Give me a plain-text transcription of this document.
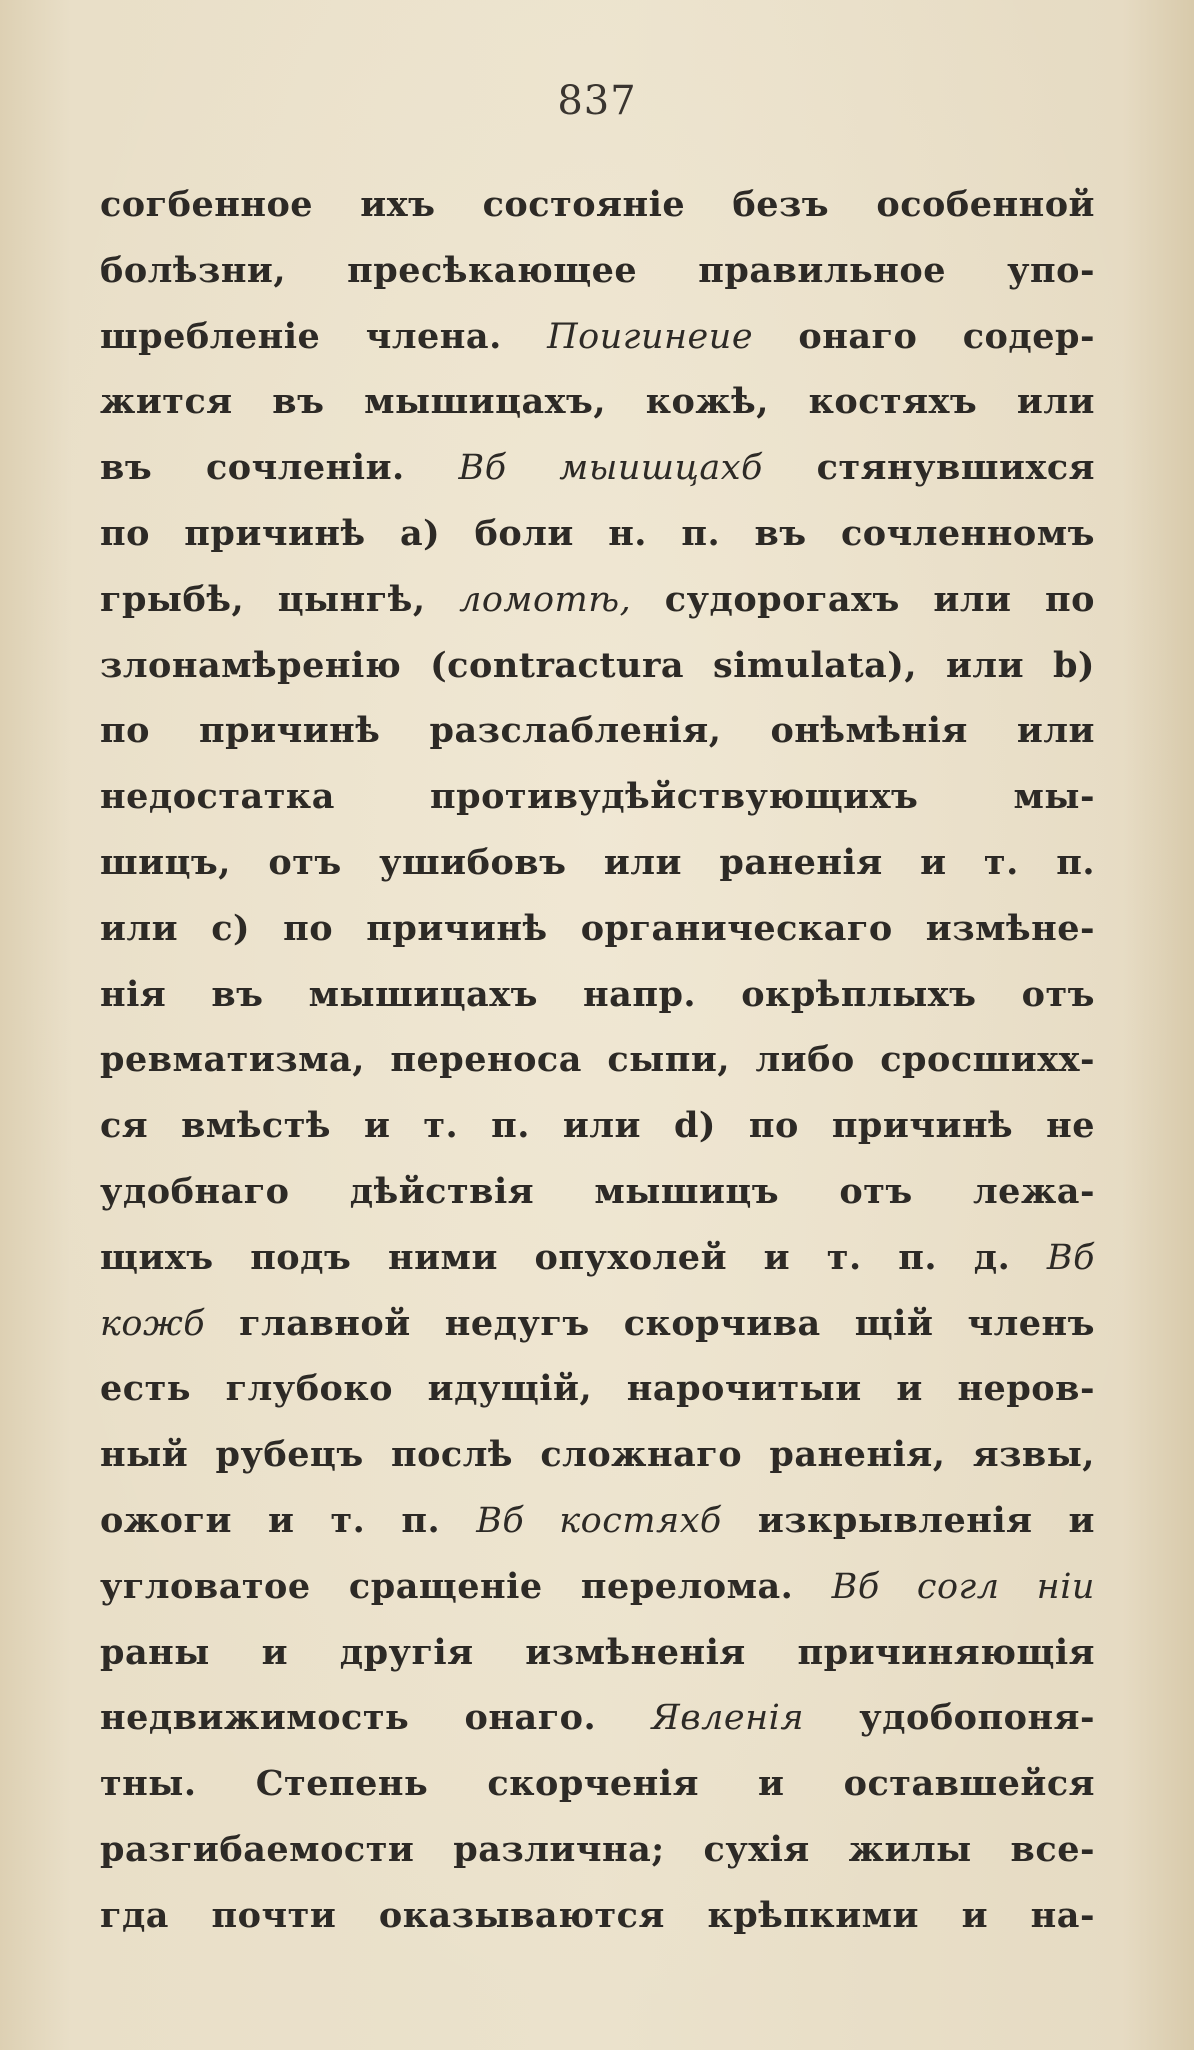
837
согбенное ихъ состояніе безъ особенной
болѣзни, пресѣкающее правильное упо-
шребленіе члена. Пoигинеие онаго содер-
жится въ мышицахъ, кожѣ, костяхъ или
въ сочленіи. Вб мыишцахб стянувшихся
по причинѣ а) боли н. п. въ сочленномъ
грыбѣ, цынгѣ, ломотѣ, судорогахъ или по
злонамѣренію (contractura simulata), или b)
по причинѣ разслабленія, онѣмѣнія или
недостатка противудѣйствующихъ мы-
шицъ, отъ ушибовъ или раненія и т. п.
или с) по причинѣ органическаго измѣне-
нія въ мышицахъ напр. окрѣплыхъ отъ
ревматизма, переноса сыпи, либо сросшихх-
ся вмѣстѣ и т. п. или d) по причинѣ не
удобнаго дѣйствія мышицъ отъ лежа-
щихъ подъ ними опухолей и т. п. д. Вб
кожб главной недугъ скорчива щій членъ
есть глубоко идущій, нарочитыи и неров-
ный рубецъ послѣ сложнаго раненія, язвы,
ожоги и т. п. Вб костяхб изкрывленія и
угловатое сращеніе перелома. Вб согл ніи
раны и другія измѣненія причиняющія
недвижимость онаго. Явленія удобопоня-
тны. Степень скорченія и оставшейся
разгибаемости различна; сухія жилы все-
гда почти оказываются крѣпкими и на-
